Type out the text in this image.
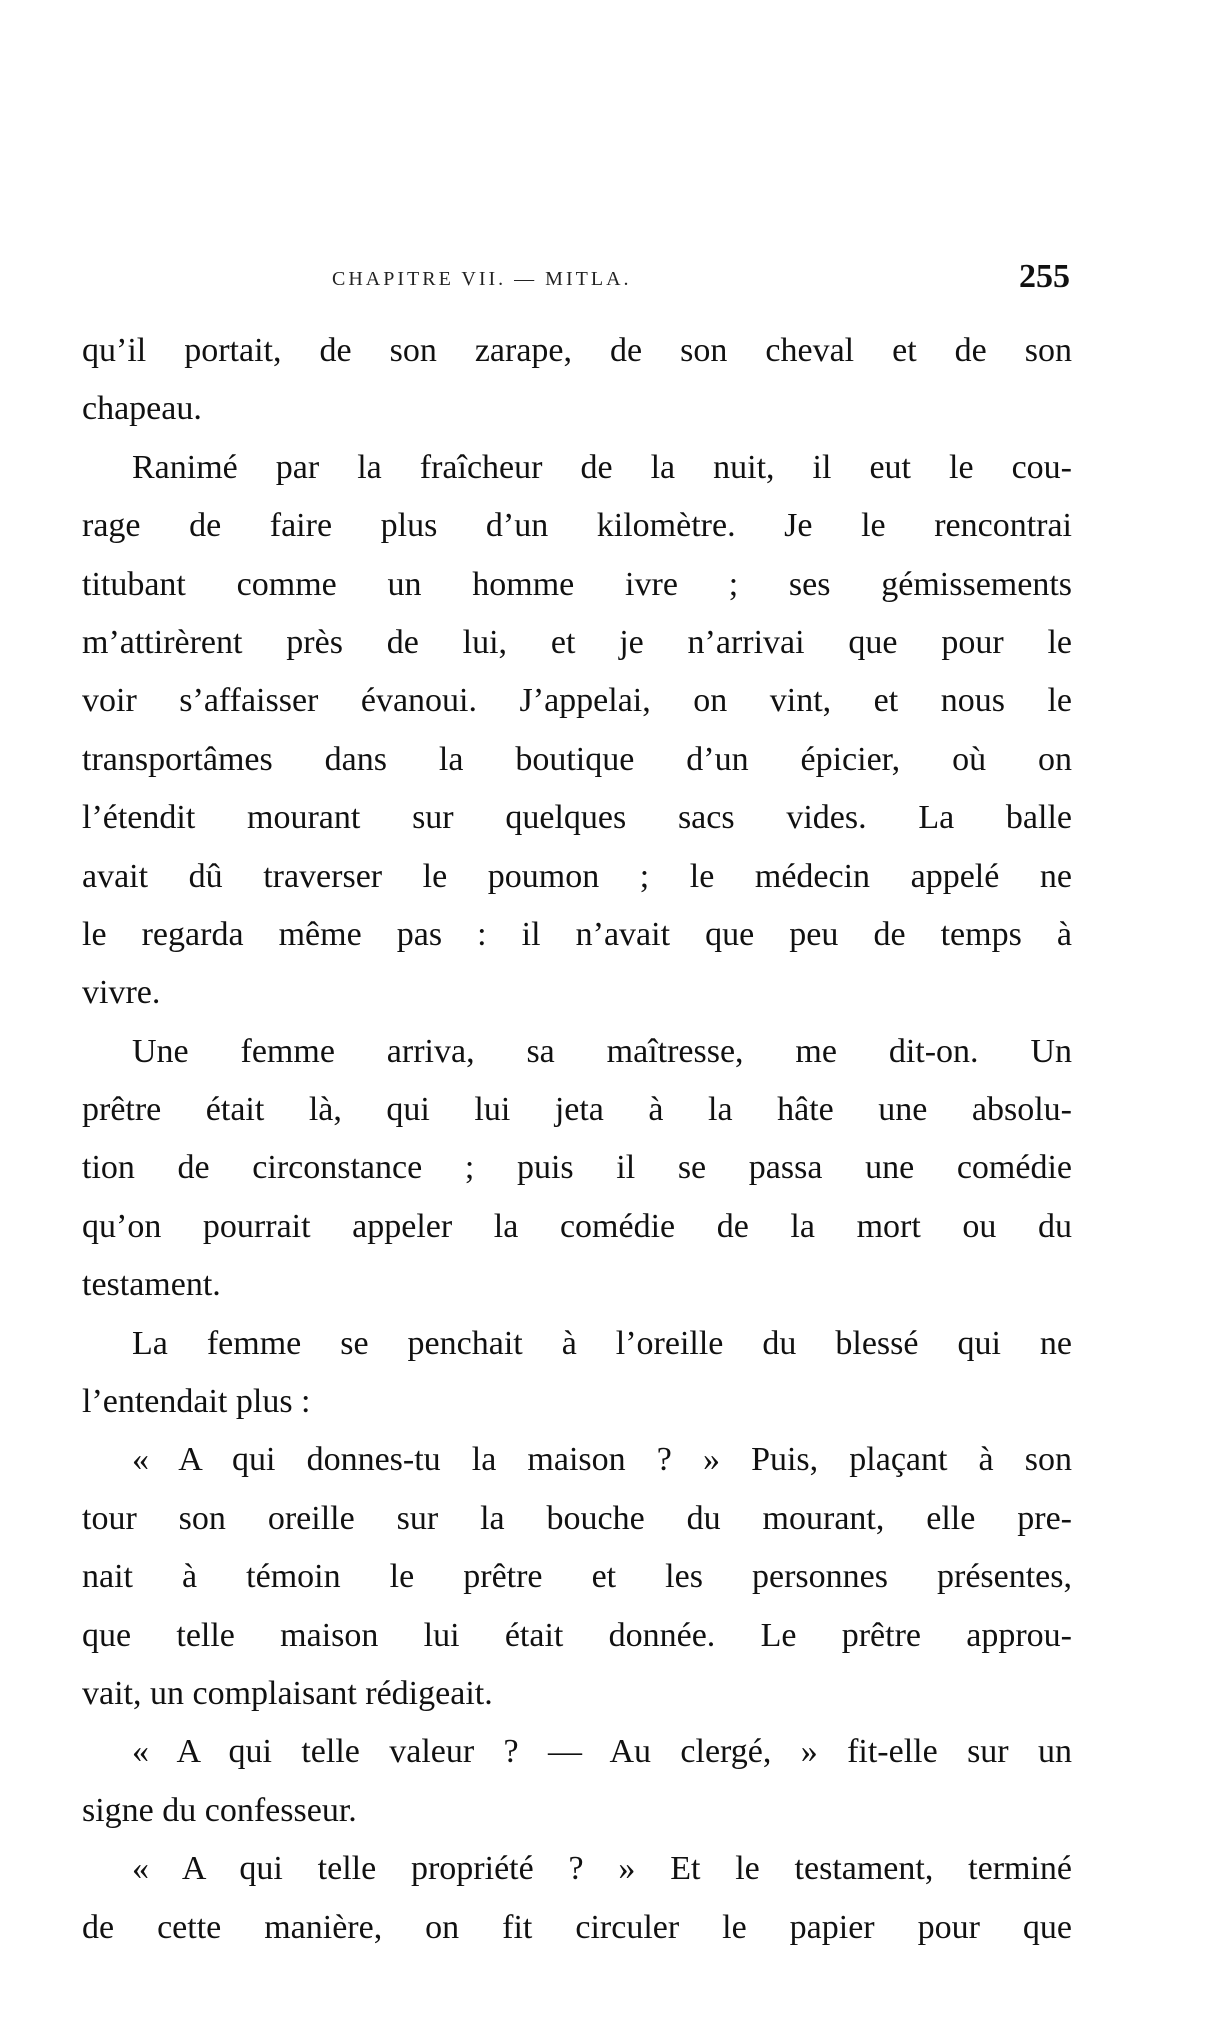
CHAPITRE VII. — MITLA.	255
qu’il portait, de son zarape, de son cheval et de son
chapeau.
Ranimé par la fraîcheur de la nuit, il eut le cou-
rage de faire plus d’un kilomètre. Je le rencontrai
titubant comme un homme ivre ; ses gémissements
m’attirèrent près de lui, et je n’arrivai que pour le
voir s’affaisser évanoui. J’appelai, on vint, et nous le
transportâmes dans la boutique d’un épicier, où on
l’étendit mourant sur quelques sacs vides. La balle
avait dû traverser le poumon ; le médecin appelé ne
le regarda même pas : il n’avait que peu de temps à
vivre.
Une femme arriva, sa maîtresse, me dit-on. Un
prêtre était là, qui lui jeta à la hâte une absolu-
tion de circonstance ; puis il se passa une comédie
qu’on pourrait appeler la comédie de la mort ou du
testament.
La femme se penchait à l’oreille du blessé qui ne
l’entendait plus :
« A qui donnes-tu la maison ? » Puis, plaçant à son
tour son oreille sur la bouche du mourant, elle pre-
nait à témoin le prêtre et les personnes présentes,
que telle maison lui était donnée. Le prêtre approu-
vait, un complaisant rédigeait.
« A qui telle valeur ? — Au clergé, » fit-elle sur un
signe du confesseur.
« A qui telle propriété ? » Et le testament, terminé
de cette manière, on fit circuler le papier pour que
